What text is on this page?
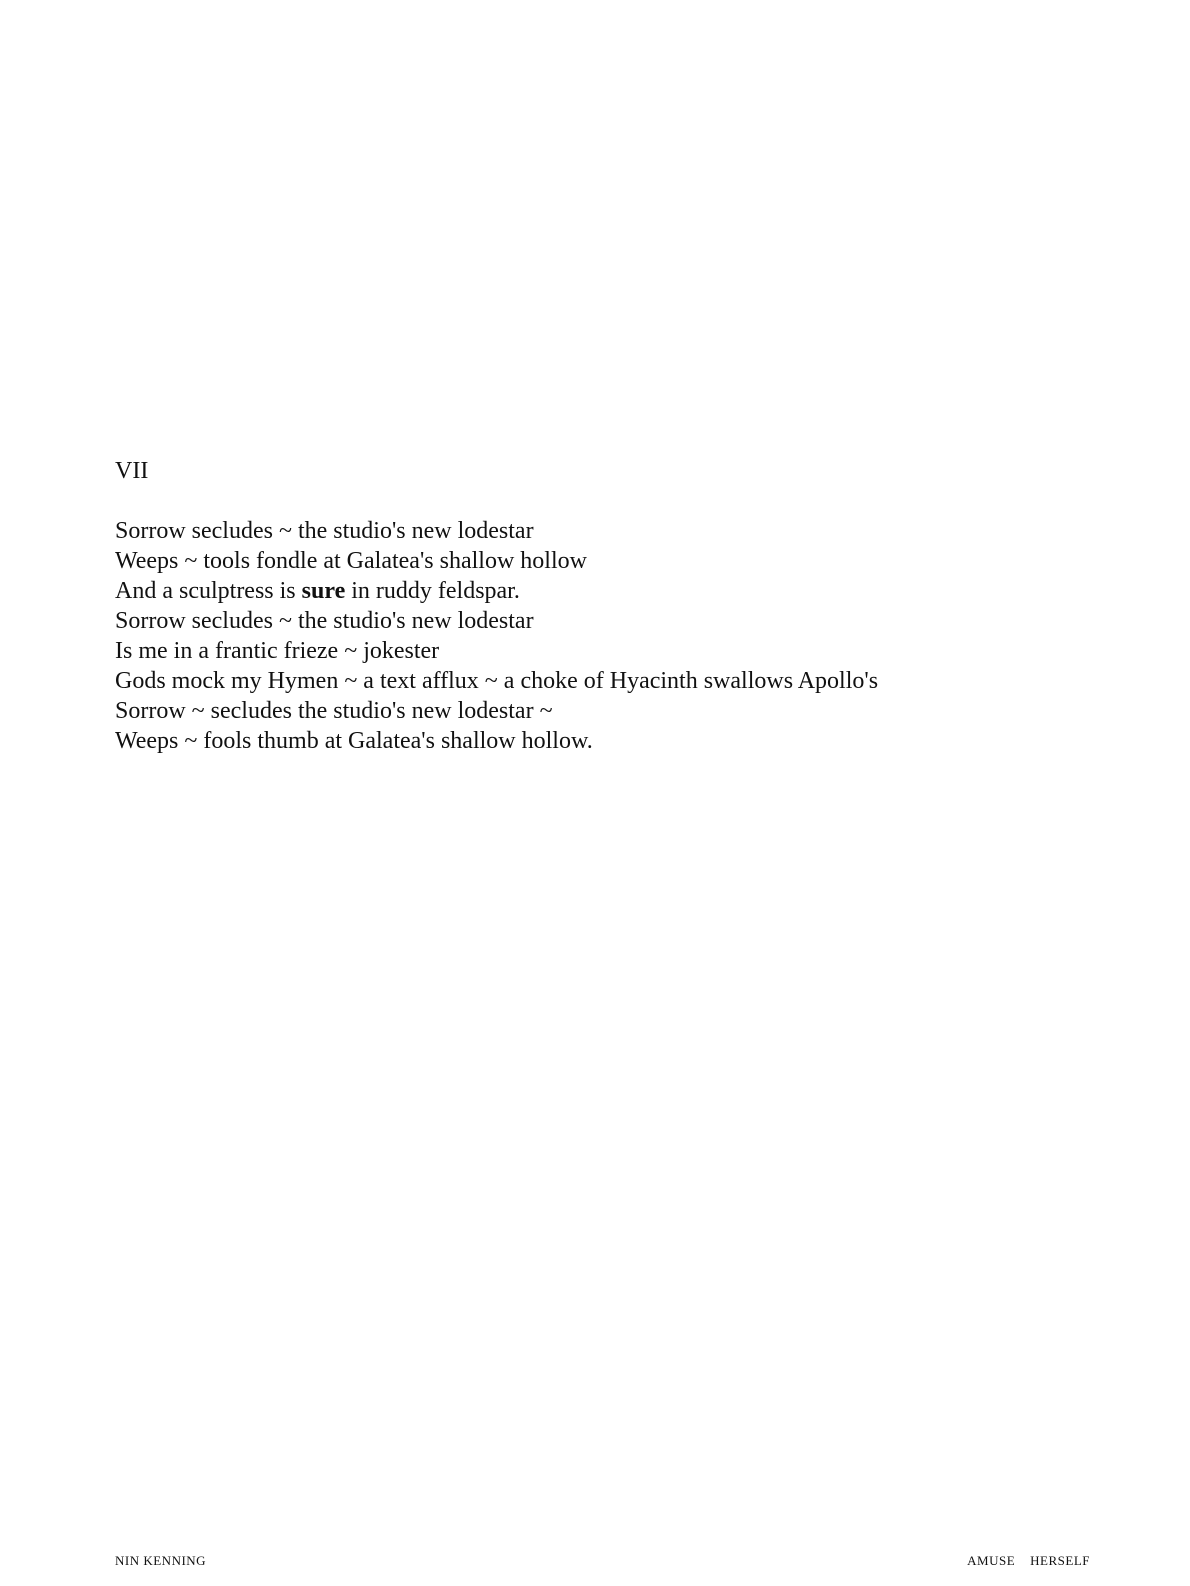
VII
Sorrow secludes ~ the studio's new lodestar
Weeps ~ tools fondle at Galatea's shallow hollow
And a sculptress is sure in ruddy feldspar.
Sorrow secludes ~ the studio's new lodestar
Is me in a frantic frieze ~ jokester
Gods mock my Hymen ~ a text afflux ~ a choke of Hyacinth swallows Apollo's
Sorrow ~ secludes the studio's new lodestar ~
Weeps ~ fools thumb at Galatea's shallow hollow.
NIN KENNING	AMUSE    HERSELF
